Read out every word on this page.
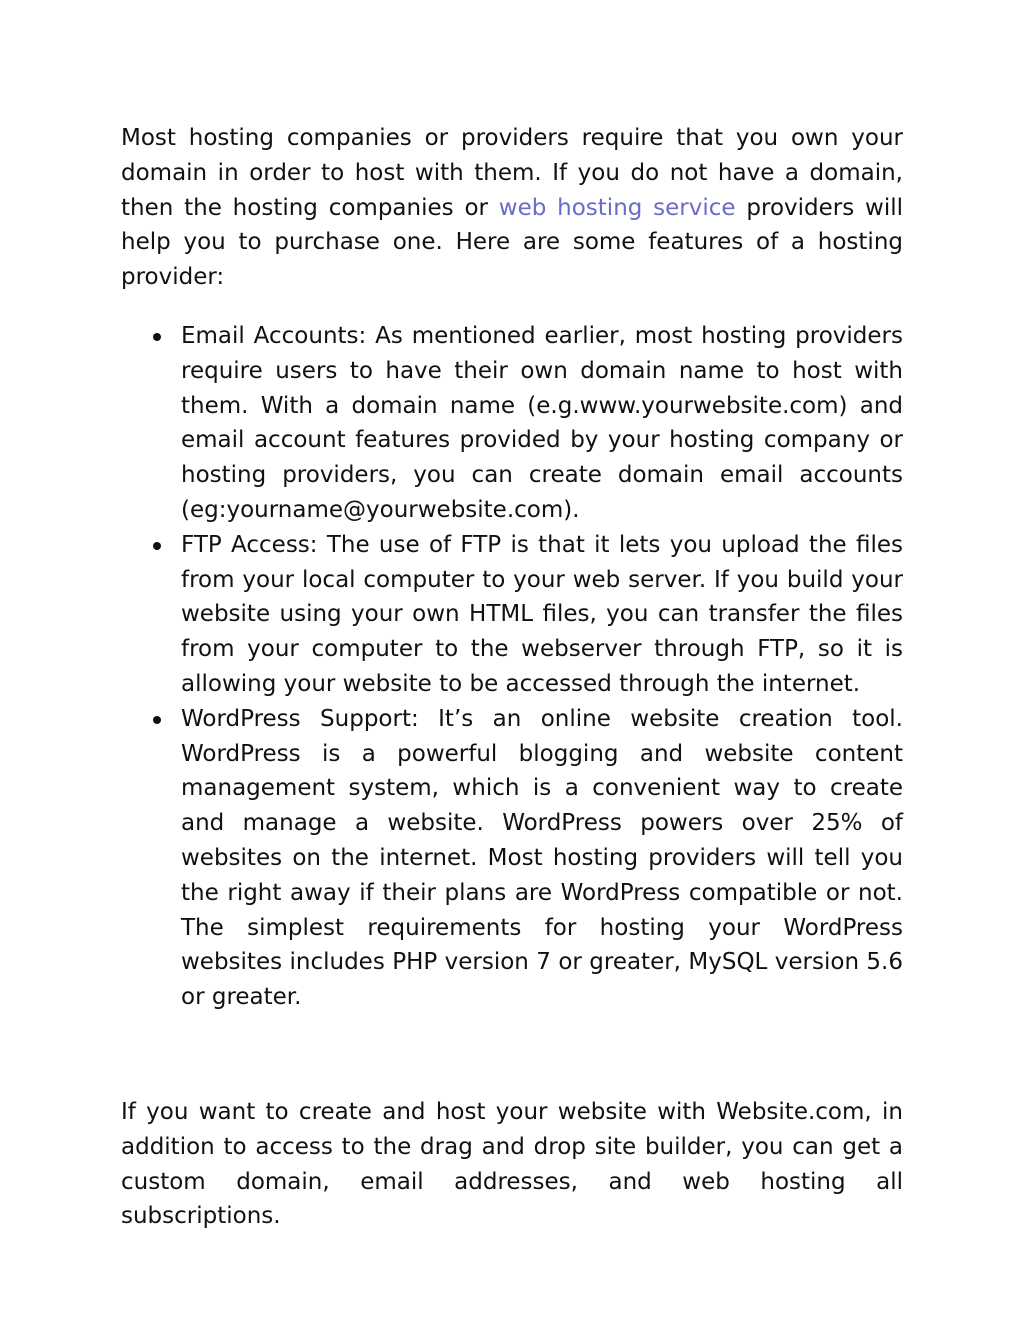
Most hosting companies or providers require that you own your domain in order to host with them. If you do not have a domain, then the hosting companies or web hosting service providers will help you to purchase one. Here are some features of a hosting provider:

Email Accounts: As mentioned earlier, most hosting providers require users to have their own domain name to host with them. With a domain name (e.g.www.yourwebsite.com) and email account features provided by your hosting company or hosting providers, you can create domain email accounts (eg:yourname@yourwebsite.com).
FTP Access: The use of FTP is that it lets you upload the files from your local computer to your web server. If you build your website using your own HTML files, you can transfer the files from your computer to the webserver through FTP, so it is allowing your website to be accessed through the internet.
WordPress Support: It’s an online website creation tool. WordPress is a powerful blogging and website content management system, which is a convenient way to create and manage a website. WordPress powers over 25% of websites on the internet. Most hosting providers will tell you the right away if their plans are WordPress compatible or not. The simplest requirements for hosting your WordPress websites includes PHP version 7 or greater, MySQL version 5.6 or greater.

If you want to create and host your website with Website.com, in addition to access to the drag and drop site builder, you can get a custom domain, email addresses, and web hosting all subscriptions.
